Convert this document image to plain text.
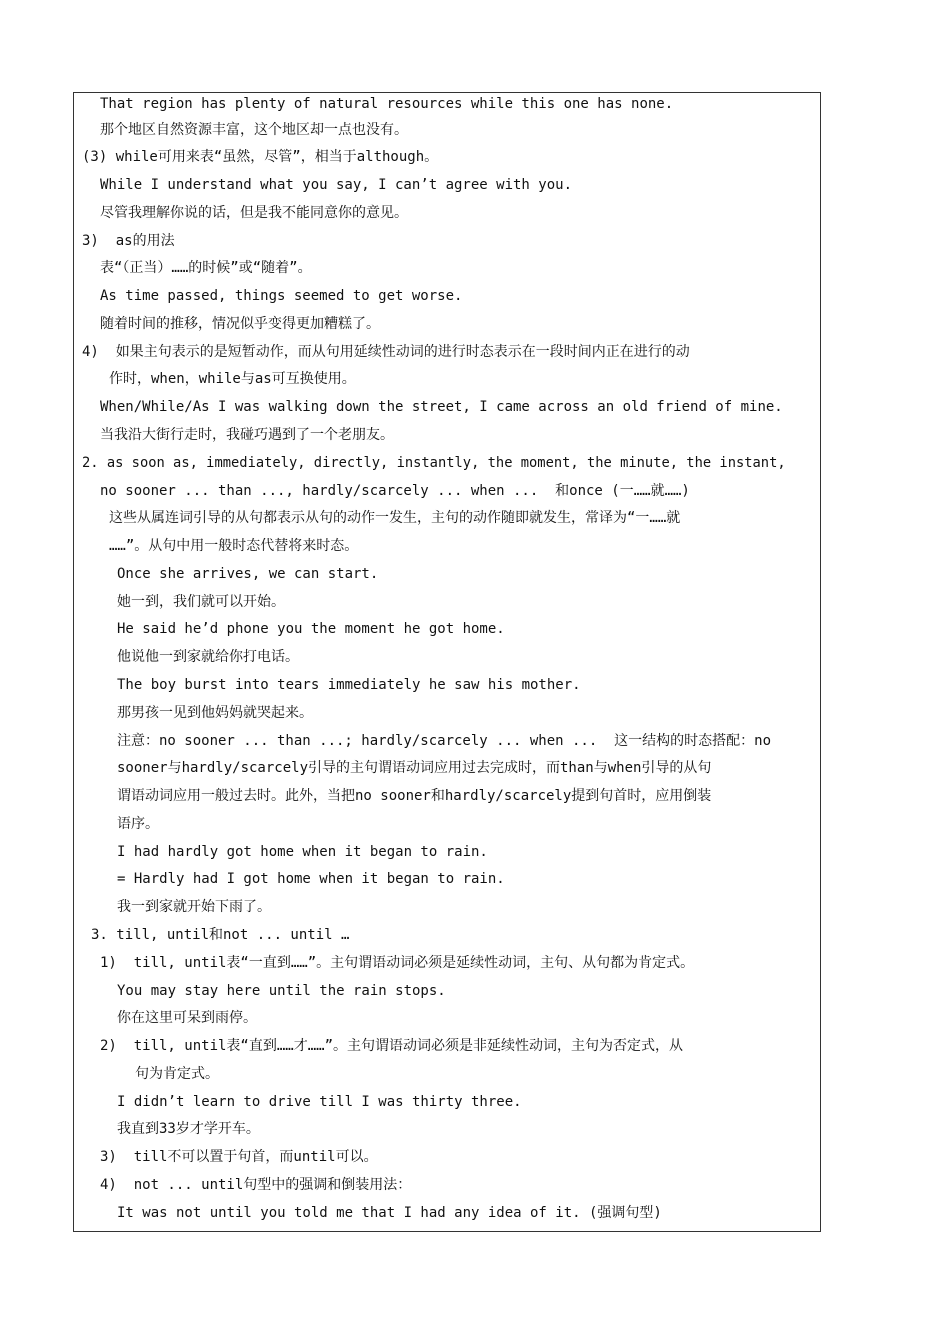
That region has plenty of natural resources while this one has none.
那个地区自然资源丰富，这个地区却一点也没有。
(3) while可用来表“虽然，尽管”，相当于although。
While I understand what you say, I can’t agree with you.
尽管我理解你说的话，但是我不能同意你的意见。
3)  as的用法
表“（正当）……的时候”或“随着”。
As time passed, things seemed to get worse.
随着时间的推移，情况似乎变得更加糟糕了。
4)  如果主句表示的是短暂动作，而从句用延续性动词的进行时态表示在一段时间内正在进行的动
作时，when，while与as可互换使用。
When/While/As I was walking down the street, I came across an old friend of mine.
当我沿大街行走时，我碰巧遇到了一个老朋友。
2. as soon as, immediately, directly, instantly, the moment, the minute, the instant,
no sooner ... than ..., hardly/scarcely ... when ...  和once (一……就……)
这些从属连词引导的从句都表示从句的动作一发生，主句的动作随即就发生，常译为“一……就
……”。从句中用一般时态代替将来时态。
Once she arrives, we can start.
她一到，我们就可以开始。
He said he’d phone you the moment he got home.
他说他一到家就给你打电话。
The boy burst into tears immediately he saw his mother.
那男孩一见到他妈妈就哭起来。
注意：no sooner ... than ...; hardly/scarcely ... when ...  这一结构的时态搭配：no
sooner与hardly/scarcely引导的主句谓语动词应用过去完成时，而than与when引导的从句
谓语动词应用一般过去时。此外，当把no sooner和hardly/scarcely提到句首时，应用倒装
语序。
I had hardly got home when it began to rain.
= Hardly had I got home when it began to rain.
我一到家就开始下雨了。
3. till, until和not ... until …
1)  till, until表“一直到……”。主句谓语动词必须是延续性动词，主句、从句都为肯定式。
You may stay here until the rain stops.
你在这里可呆到雨停。
2)  till, until表“直到……才……”。主句谓语动词必须是非延续性动词，主句为否定式，从
句为肯定式。
I didn’t learn to drive till I was thirty three.
我直到33岁才学开车。
3)  till不可以置于句首，而until可以。
4)  not ... until句型中的强调和倒装用法：
It was not until you told me that I had any idea of it. (强调句型)
